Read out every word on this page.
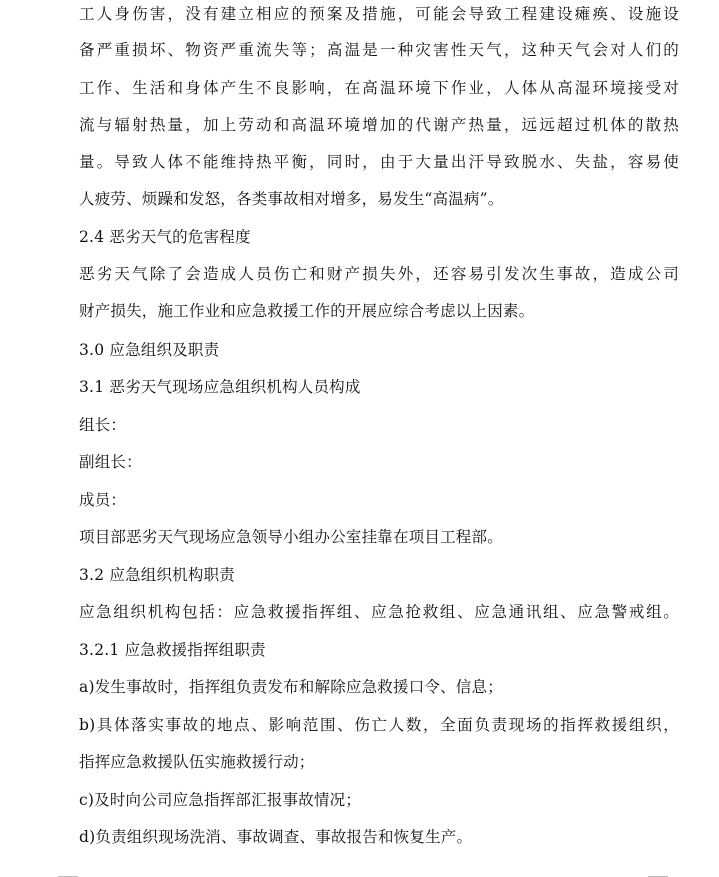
工人身伤害，没有建立相应的预案及措施，可能会导致工程建设瘫痪、设施设
备严重损坏、物资严重流失等；高温是一种灾害性天气，这种天气会对人们的
工作、生活和身体产生不良影响，在高温环境下作业，人体从高湿环境接受对
流与辐射热量，加上劳动和高温环境增加的代谢产热量，远远超过机体的散热
量。导致人体不能维持热平衡，同时，由于大量出汗导致脱水、失盐，容易使
人疲劳、烦躁和发怒，各类事故相对增多，易发生“高温病”。
2.4 恶劣天气的危害程度
恶劣天气除了会造成人员伤亡和财产损失外，还容易引发次生事故，造成公司
财产损失，施工作业和应急救援工作的开展应综合考虑以上因素。
3.0 应急组织及职责
3.1 恶劣天气现场应急组织机构人员构成
组长：
副组长：
成员：
项目部恶劣天气现场应急领导小组办公室挂靠在项目工程部。
3.2 应急组织机构职责
应急组织机构包括：应急救援指挥组、应急抢救组、应急通讯组、应急警戒组。
3.2.1 应急救援指挥组职责
a)发生事故时，指挥组负责发布和解除应急救援口令、信息；
b)具体落实事故的地点、影响范围、伤亡人数，全面负责现场的指挥救援组织，
指挥应急救援队伍实施救援行动；
c)及时向公司应急指挥部汇报事故情况；
d)负责组织现场洗消、事故调查、事故报告和恢复生产。
